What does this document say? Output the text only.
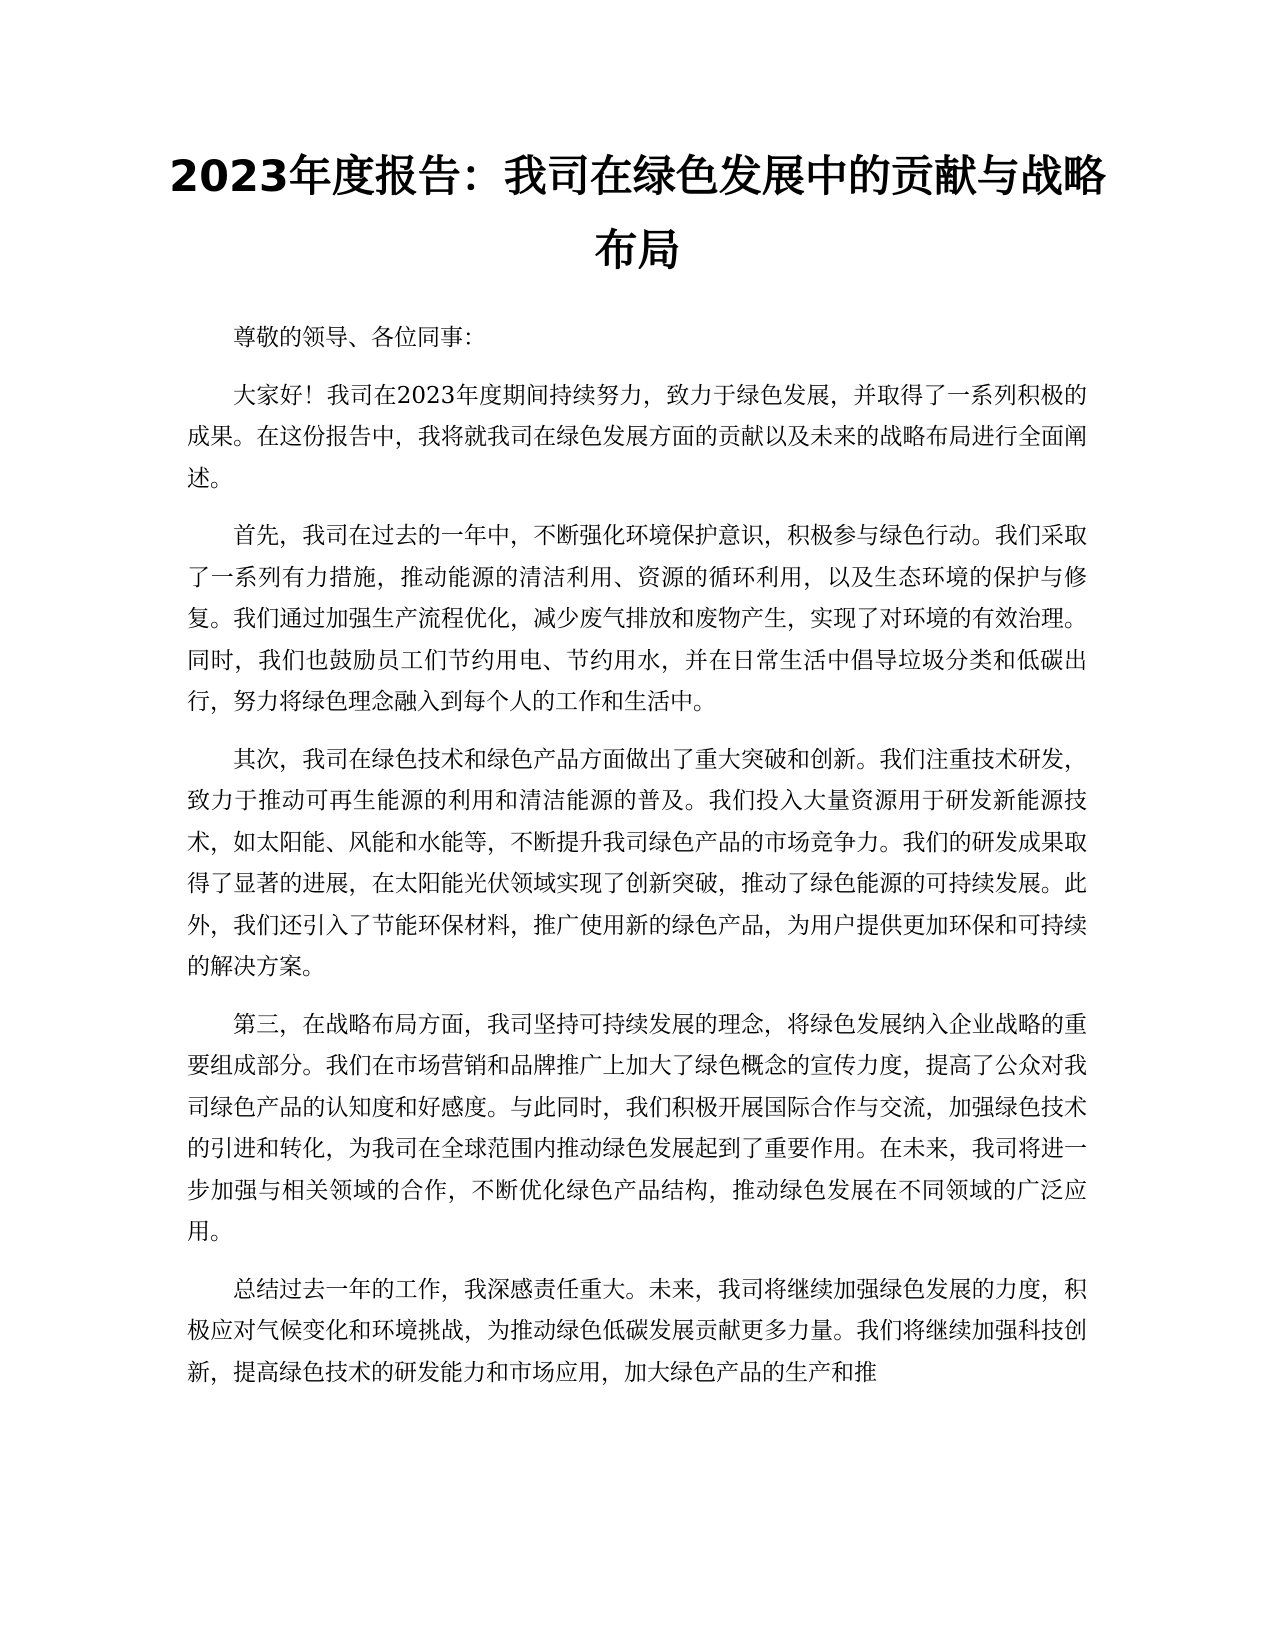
2023年度报告：我司在绿色发展中的贡献与战略布局

尊敬的领导、各位同事：

大家好！我司在2023年度期间持续努力，致力于绿色发展，并取得了一系列积极的成果。在这份报告中，我将就我司在绿色发展方面的贡献以及未来的战略布局进行全面阐述。

首先，我司在过去的一年中，不断强化环境保护意识，积极参与绿色行动。我们采取了一系列有力措施，推动能源的清洁利用、资源的循环利用，以及生态环境的保护与修复。我们通过加强生产流程优化，减少废气排放和废物产生，实现了对环境的有效治理。同时，我们也鼓励员工们节约用电、节约用水，并在日常生活中倡导垃圾分类和低碳出行，努力将绿色理念融入到每个人的工作和生活中。

其次，我司在绿色技术和绿色产品方面做出了重大突破和创新。我们注重技术研发，致力于推动可再生能源的利用和清洁能源的普及。我们投入大量资源用于研发新能源技术，如太阳能、风能和水能等，不断提升我司绿色产品的市场竞争力。我们的研发成果取得了显著的进展，在太阳能光伏领域实现了创新突破，推动了绿色能源的可持续发展。此外，我们还引入了节能环保材料，推广使用新的绿色产品，为用户提供更加环保和可持续的解决方案。

第三，在战略布局方面，我司坚持可持续发展的理念，将绿色发展纳入企业战略的重要组成部分。我们在市场营销和品牌推广上加大了绿色概念的宣传力度，提高了公众对我司绿色产品的认知度和好感度。与此同时，我们积极开展国际合作与交流，加强绿色技术的引进和转化，为我司在全球范围内推动绿色发展起到了重要作用。在未来，我司将进一步加强与相关领域的合作，不断优化绿色产品结构，推动绿色发展在不同领域的广泛应用。

总结过去一年的工作，我深感责任重大。未来，我司将继续加强绿色发展的力度，积极应对气候变化和环境挑战，为推动绿色低碳发展贡献更多力量。我们将继续加强科技创新，提高绿色技术的研发能力和市场应用，加大绿色产品的生产和推
